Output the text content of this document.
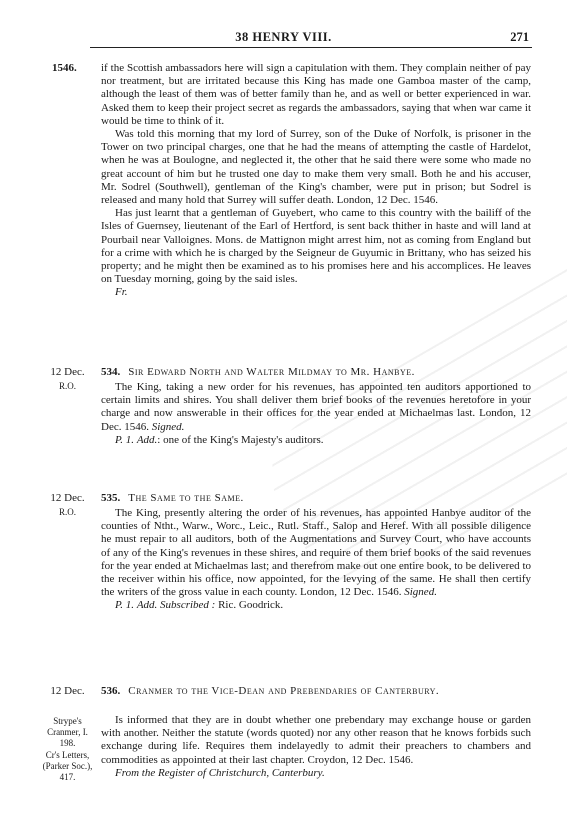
38 HENRY VIII.	271
1546. if the Scottish ambassadors here will sign a capitulation with them. They complain neither of pay nor treatment, but are irritated because this King has made one Gamboa master of the camp, although the least of them was of better family than he, and as well or better experienced in war. Asked them to keep their project secret as regards the ambassadors, saying that when war came it would be time to think of it.

Was told this morning that my lord of Surrey, son of the Duke of Norfolk, is prisoner in the Tower on two principal charges, one that he had the means of attempting the castle of Hardelot, when he was at Boulogne, and neglected it, the other that he said there were some who made no great account of him but he trusted one day to make them very small. Both he and his accuser, Mr. Sodrel (Southwell), gentleman of the King's chamber, were put in prison; but Sodrel is released and many hold that Surrey will suffer death. London, 12 Dec. 1546.

Has just learnt that a gentleman of Guyebert, who came to this country with the bailiff of the Isles of Guernsey, lieutenant of the Earl of Hertford, is sent back thither in haste and will land at Pourbail near Valloignes. Mons. de Mattignon might arrest him, not as coming from England but for a crime with which he is charged by the Seigneur de Guyumic in Brittany, who has seized his property; and he might then be examined as to his promises here and his accomplices. He leaves on Tuesday morning, going by the said isles.

Fr.

12 Dec.
R.O.
534. Sir Edward North and Walter Mildmay to Mr. Hanbye.

The King, taking a new order for his revenues, has appointed ten auditors apportioned to certain limits and shires. You shall deliver them brief books of the revenues heretofore in your charge and now answerable in their offices for the year ended at Michaelmas last. London, 12 Dec. 1546. Signed.

P. 1. Add.: one of the King's Majesty's auditors.

12 Dec.
R.O.
535. The Same to the Same.

The King, presently altering the order of his revenues, has appointed Hanbye auditor of the counties of Ntht., Warw., Worc., Leic., Rutl. Staff., Salop and Heref. With all possible diligence he must repair to all auditors, both of the Augmentations and Survey Court, who have accounts of any of the King's revenues in these shires, and require of them brief books of the said revenues for the year ended at Michaelmas last; and therefrom make out one entire book, to be delivered to the receiver within his office, now appointed, for the levying of the same. He shall then certify the writers of the gross value in each county. London, 12 Dec. 1546. Signed.

P. 1. Add. Subscribed : Ric. Goodrick.

12 Dec.
Strype's
Cranmer, I.
198.
Cr's Letters,
(Parker Soc.),
417.
536. Cranmer to the Vice-Dean and Prebendaries of Canterbury.

Is informed that they are in doubt whether one prebendary may exchange house or garden with another. Neither the statute (words quoted) nor any other reason that he knows forbids such exchange during life. Requires them indelayedly to admit their preachers to chambers and commodities as appointed at their last chapter. Croydon, 12 Dec. 1546.

From the Register of Christchurch, Canterbury.
